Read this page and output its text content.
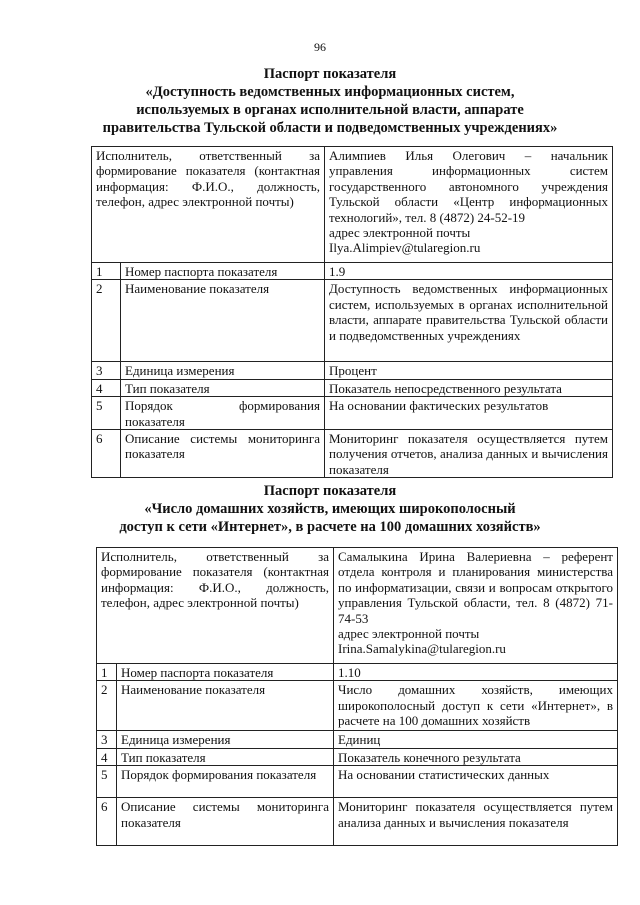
96
Паспорт показателя
«Доступность ведомственных информационных систем,
используемых в органах исполнительной власти, аппарате
правительства Тульской области и подведомственных учреждениях»
Исполнитель, ответственный за формирование показателя (контактная информация: Ф.И.О., должность, телефон, адрес электронной почты)		Алимпиев Илья Олегович – начальник управления информационных систем государственного автономного учреждения Тульской области «Центр информационных технологий», тел. 8 (4872) 24-52-19
адрес электронной почты
Ilya.Alimpiev@tularegion.ru
1	Номер паспорта показателя	1.9
2	Наименование показателя	Доступность ведомственных информационных систем, используемых в органах исполнительной власти, аппарате правительства Тульской области и подведомственных учреждениях
3	Единица измерения	Процент
4	Тип показателя	Показатель непосредственного результата
5	Порядок формирования показателя	На основании фактических результатов
6	Описание системы мониторинга показателя	Мониторинг показателя осуществляется путем получения отчетов, анализа данных и вычисления показателя
Паспорт показателя
«Число домашних хозяйств, имеющих широкополосный
доступ к сети «Интернет», в расчете на 100 домашних хозяйств»
Исполнитель, ответственный за формирование показателя (контактная информация: Ф.И.О., должность, телефон, адрес электронной почты)		Самалыкина Ирина Валериевна – референт отдела контроля и планирования министерства по информатизации, связи и вопросам открытого управления Тульской области, тел. 8 (4872) 71-74-53
адрес электронной почты
Irina.Samalykina@tularegion.ru
1	Номер паспорта показателя	1.10
2	Наименование показателя	Число домашних хозяйств, имеющих широкополосный доступ к сети «Интернет», в расчете на 100 домашних хозяйств
3	Единица измерения	Единиц
4	Тип показателя	Показатель конечного результата
5	Порядок формирования показателя	На основании статистических данных
6	Описание системы мониторинга показателя	Мониторинг показателя осуществляется путем анализа данных и вычисления показателя
